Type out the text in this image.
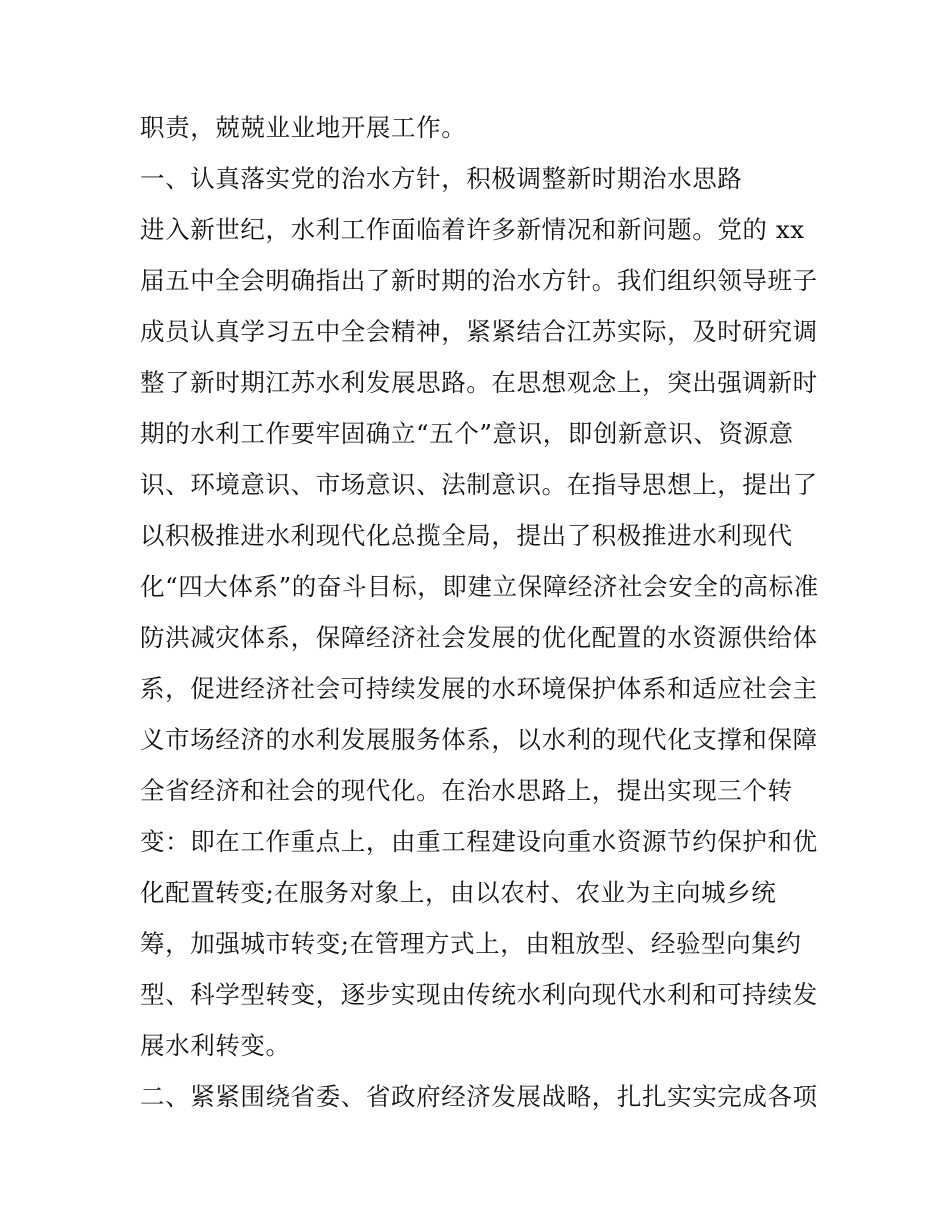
职责，兢兢业业地开展工作。
一、认真落实党的治水方针，积极调整新时期治水思路
进入新世纪，水利工作面临着许多新情况和新问题。党的 xx
届五中全会明确指出了新时期的治水方针。我们组织领导班子
成员认真学习五中全会精神，紧紧结合江苏实际，及时研究调
整了新时期江苏水利发展思路。在思想观念上，突出强调新时
期的水利工作要牢固确立“五个”意识，即创新意识、资源意
识、环境意识、市场意识、法制意识。在指导思想上，提出了
以积极推进水利现代化总揽全局，提出了积极推进水利现代
化“四大体系”的奋斗目标，即建立保障经济社会安全的高标准
防洪减灾体系，保障经济社会发展的优化配置的水资源供给体
系，促进经济社会可持续发展的水环境保护体系和适应社会主
义市场经济的水利发展服务体系，以水利的现代化支撑和保障
全省经济和社会的现代化。在治水思路上，提出实现三个转
变：即在工作重点上，由重工程建设向重水资源节约保护和优
化配置转变;在服务对象上，由以农村、农业为主向城乡统
筹，加强城市转变;在管理方式上，由粗放型、经验型向集约
型、科学型转变，逐步实现由传统水利向现代水利和可持续发
展水利转变。
二、紧紧围绕省委、省政府经济发展战略，扎扎实实完成各项
